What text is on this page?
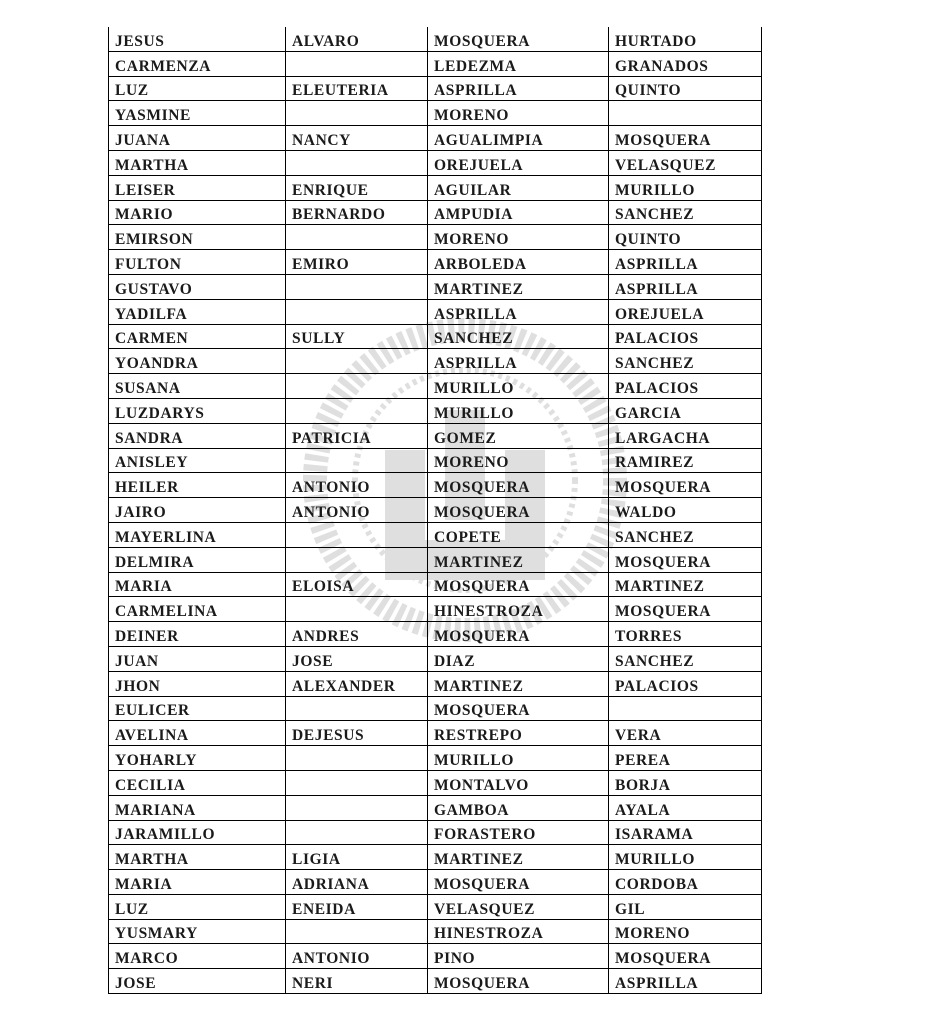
JESUS	ALVARO	MOSQUERA	HURTADO
CARMENZA		LEDEZMA	GRANADOS
LUZ	ELEUTERIA	ASPRILLA	QUINTO
YASMINE		MORENO	
JUANA	NANCY	AGUALIMPIA	MOSQUERA
MARTHA		OREJUELA	VELASQUEZ
LEISER	ENRIQUE	AGUILAR	MURILLO
MARIO	BERNARDO	AMPUDIA	SANCHEZ
EMIRSON		MORENO	QUINTO
FULTON	EMIRO	ARBOLEDA	ASPRILLA
GUSTAVO		MARTINEZ	ASPRILLA
YADILFA		ASPRILLA	OREJUELA
CARMEN	SULLY	SANCHEZ	PALACIOS
YOANDRA		ASPRILLA	SANCHEZ
SUSANA		MURILLO	PALACIOS
LUZDARYS		MURILLO	GARCIA
SANDRA	PATRICIA	GOMEZ	LARGACHA
ANISLEY		MORENO	RAMIREZ
HEILER	ANTONIO	MOSQUERA	MOSQUERA
JAIRO	ANTONIO	MOSQUERA	WALDO
MAYERLINA		COPETE	SANCHEZ
DELMIRA		MARTINEZ	MOSQUERA
MARIA	ELOISA	MOSQUERA	MARTINEZ
CARMELINA		HINESTROZA	MOSQUERA
DEINER	ANDRES	MOSQUERA	TORRES
JUAN	JOSE	DIAZ	SANCHEZ
JHON	ALEXANDER	MARTINEZ	PALACIOS
EULICER		MOSQUERA	
AVELINA	DEJESUS	RESTREPO	VERA
YOHARLY		MURILLO	PEREA
CECILIA		MONTALVO	BORJA
MARIANA		GAMBOA	AYALA
JARAMILLO		FORASTERO	ISARAMA
MARTHA	LIGIA	MARTINEZ	MURILLO
MARIA	ADRIANA	MOSQUERA	CORDOBA
LUZ	ENEIDA	VELASQUEZ	GIL
YUSMARY		HINESTROZA	MORENO
MARCO	ANTONIO	PINO	MOSQUERA
JOSE	NERI	MOSQUERA	ASPRILLA
